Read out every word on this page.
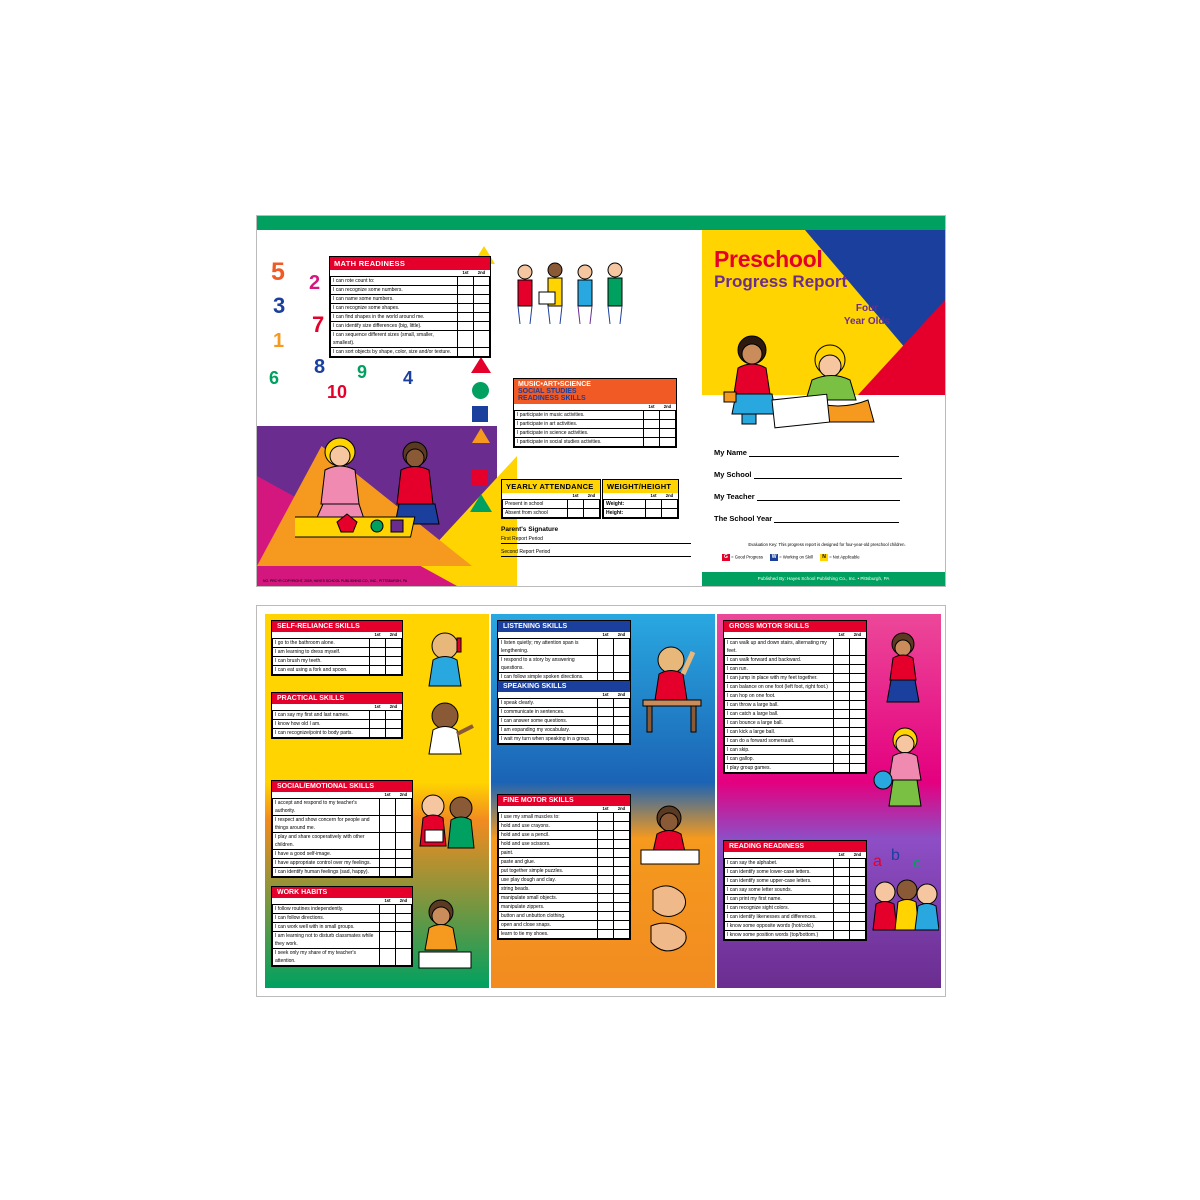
5 2
3
7
1
6 8 9 4
10
MATH READINESS
	1st	2nd
I can rote count to:		
I can recognize some numbers.		
I can name some numbers.		
I can recognize some shapes.		
I can find shapes in the world around me.		
I can identify size differences (big, little).		
I can sequence different sizes (small, smaller, smallest).		
I can sort objects by shape, color, size and/or texture.		
MUSIC•ART•SCIENCE
SOCIAL STUDIES
READINESS SKILLS
	1st	2nd
I participate in music activities.		
I participate in art activities.		
I participate in science activities.		
I participate in social studies activities.		
YEARLY ATTENDANCE
	1st	2nd
Present in school		
Absent from school		
WEIGHT/HEIGHT
	1st	2nd
Weight:		
Height:		
Parent's Signature
First Report Period
Second Report Period
NO. PRC+R COPYRIGHT, 2009, HAYES SCHOOL PUBLISHING CO., INC., PITTSBURGH, PA
Preschool
Progress Report
Four
Year Olds
My Name
My School
My Teacher
The School Year
Evaluation Key: This progress report is designed for four-year-old preschool children.
G = Good Progress W = Working on Skill N = Not Applicable
Published By: Hayes School Publishing Co., Inc. • Pittsburgh, PA
SELF-RELIANCE SKILLS
	1st	2nd
I go to the bathroom alone.		
I am learning to dress myself.		
I can brush my teeth.		
I can eat using a fork and spoon.		
PRACTICAL SKILLS
	1st	2nd
I can say my first and last names.		
I know how old I am.		
I can recognize/point to body parts.		
SOCIAL/EMOTIONAL SKILLS
	1st	2nd
I accept and respond to my teacher's authority.		
I respect and show concern for people and things around me.		
I play and share cooperatively with other children.		
I have a good self-image.		
I have appropriate control over my feelings.		
I can identify human feelings (sad, happy).		
WORK HABITS
	1st	2nd
I follow routines independently.		
I can follow directions.		
I can work well with in small groups.		
I am learning not to disturb classmates while they work.		
I seek only my share of my teacher's attention.		
LISTENING SKILLS
	1st	2nd
I listen quietly; my attention span is lengthening.		
I respond to a story by answering questions.		
I can follow simple spoken directions.		
SPEAKING SKILLS
	1st	2nd
I speak clearly.		
I communicate in sentences.		
I can answer some questions.		
I am expanding my vocabulary.		
I wait my turn when speaking in a group.		
FINE MOTOR SKILLS
	1st	2nd
I use my small muscles to:		
hold and use crayons.		
hold and use a pencil.		
hold and use scissors.		
paint.		
paste and glue.		
put together simple puzzles.		
use play dough and clay.		
string beads.		
manipulate small objects.		
manipulate zippers.		
button and unbutton clothing.		
open and close snaps.		
learn to tie my shoes.		
GROSS MOTOR SKILLS
	1st	2nd
I can walk up and down stairs, alternating my feet.		
I can walk forward and backward.		
I can run.		
I can jump in place with my feet together.		
I can balance on one foot (left foot, right foot.)		
I can hop on one foot.		
I can throw a large ball.		
I can catch a large ball.		
I can bounce a large ball.		
I can kick a large ball.		
I can do a forward somersault.		
I can skip.		
I can gallop.		
I play group games.		
READING READINESS
	1st	2nd
I can say the alphabet.		
I can identify some lower-case letters.		
I can identify some upper-case letters.		
I can say some letter sounds.		
I can print my first name.		
I can recognize sight colors.		
I can identify likenesses and differences.		
I know some opposite words (hot/cold.)		
I know some position words (top/bottom.)		
a b c
